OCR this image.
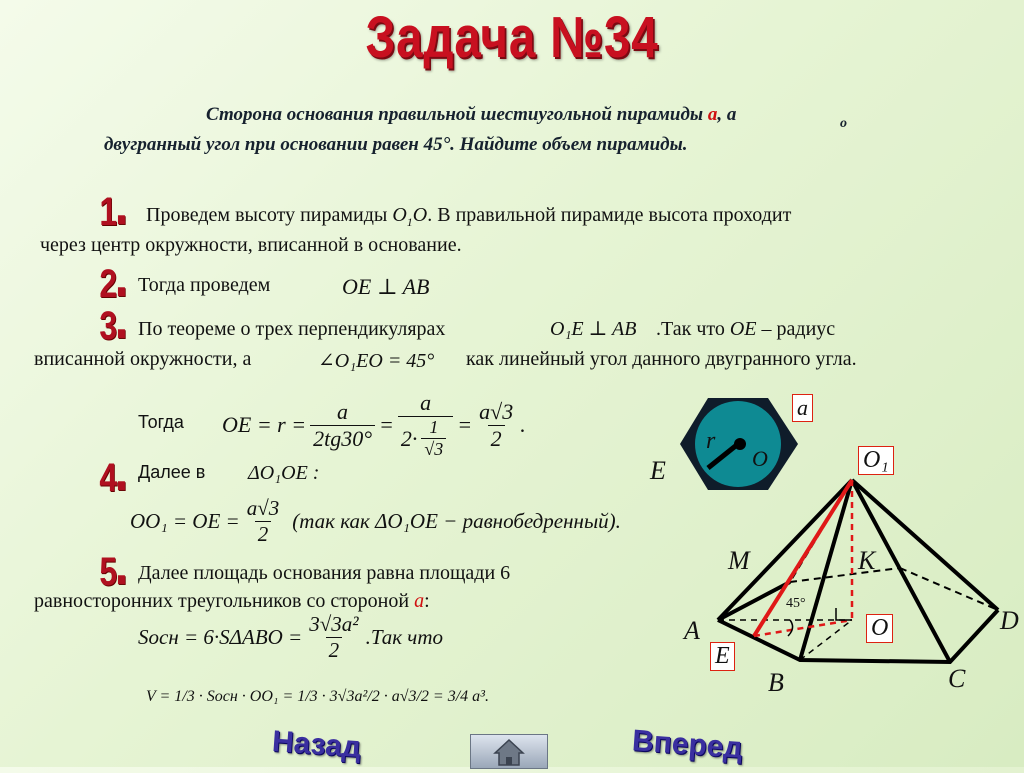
Задача №34
Сторона основания правильной шестиугольной пирамиды а, а	о
двугранный угол при основании равен 45°. Найдите объем пирамиды.
1■ Проведем высоту пирамиды $O_1O$. В правильной пирамиде высота проходит
через центр окружности, вписанной в основание.
2■ Тогда проведем	OE ⊥ AB
3■ По теореме о трех перпендикулярах	O₁E ⊥ AB .Так что OE – радиус
вписанной окружности, а	∠O₁EO = 45° как линейный угол данного двугранного угла.
Тогда OE = $r = \frac{a}{2tg30^\circ} = \frac{a}{2\cdot \frac{1}{√3}} = \frac{a√3}{2}$ .
4■
Далее в ΔO₁OE :
OO₁ = OE = $\frac{a√3}{2} (так$ как ΔO₁OE − равнобедренный).
5■ Далее площадь основания равна площади 6
равносторонних треугольников со стороной a:
Sосн = $6\cdot S\Delta ABO = \frac{\text{3√3a²}}{2} .Так$ что
V = 1/3 · Sосн · OO₁ = 1/3 · 3√3a²/2 · a√3/2 = 3/4 a³.
a
r
O
E	O₁
M	K
45°
A	D
O
E
B	C
Назад	Вперед
